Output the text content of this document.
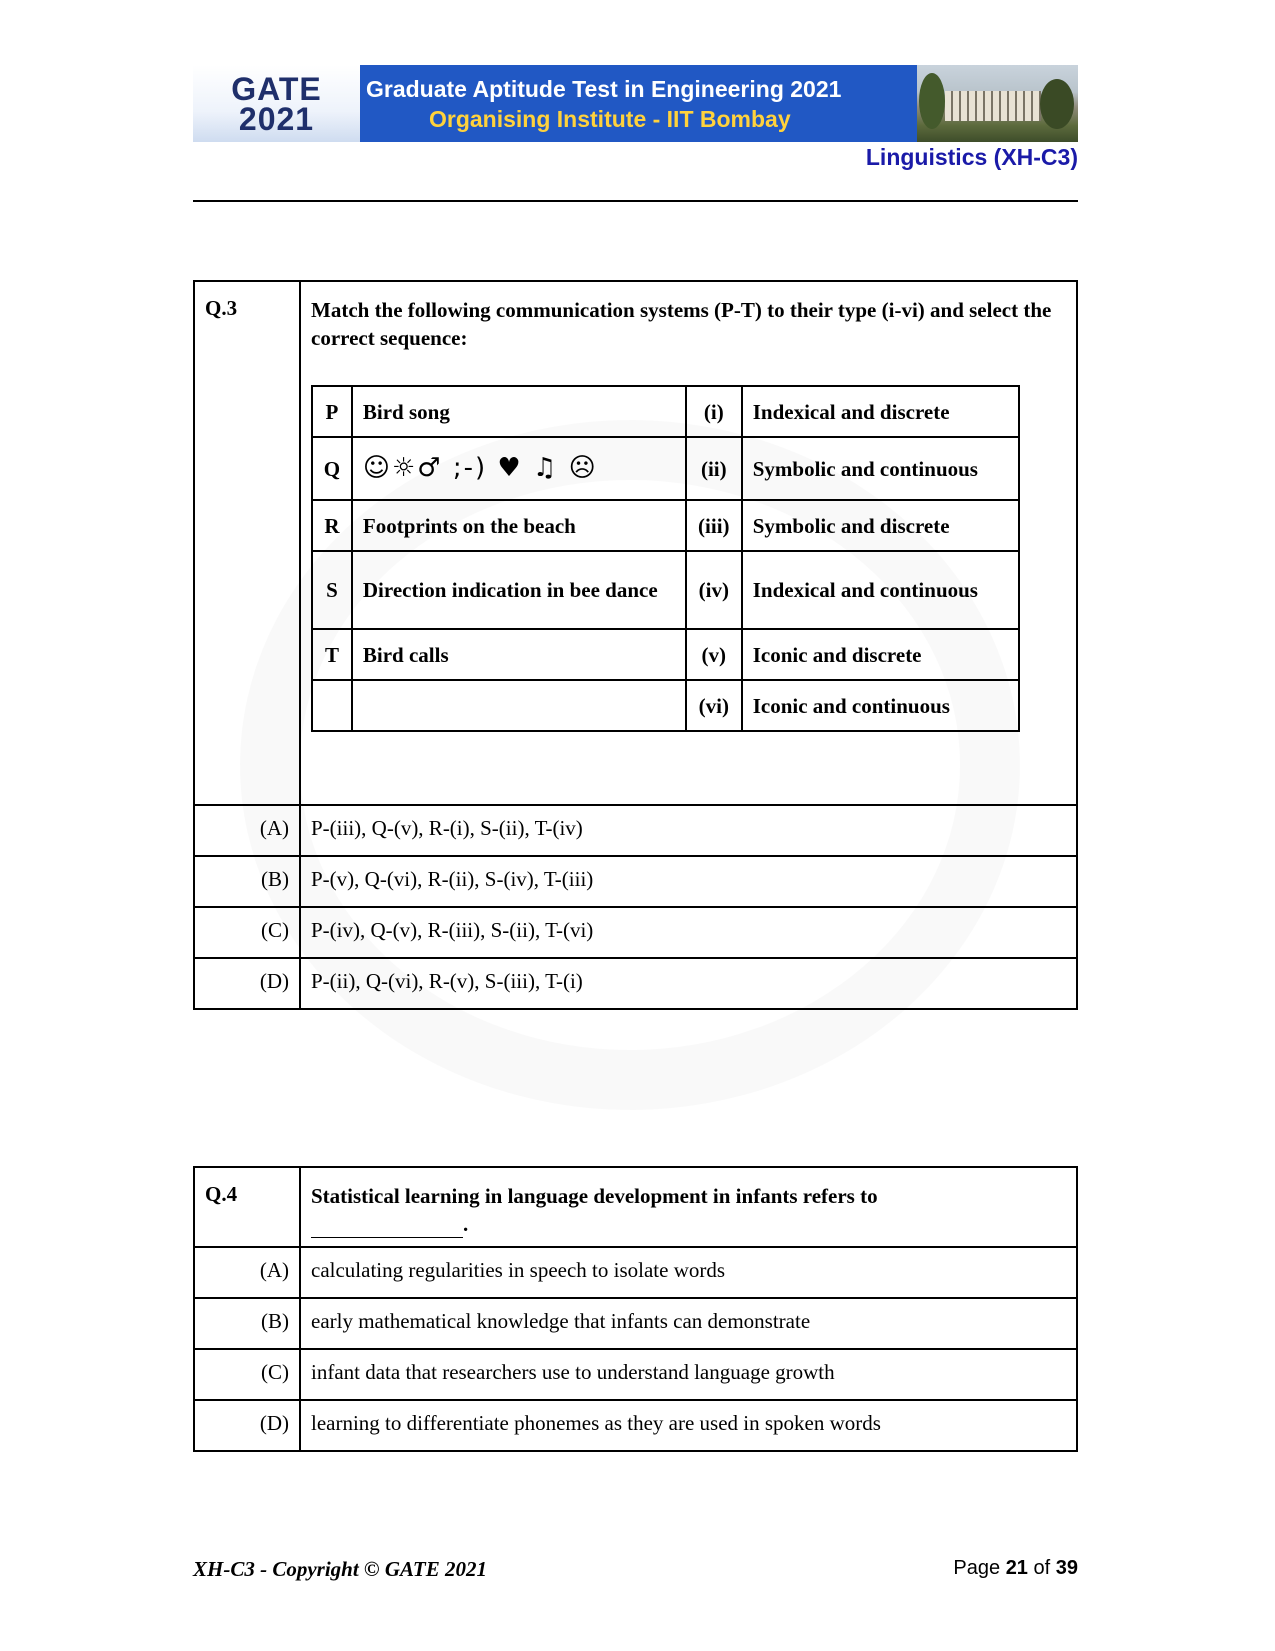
GATE
2021
Graduate Aptitude Test in Engineering 2021
Organising Institute - IIT Bombay
Linguistics (XH-C3)
Q.3	Match the following communication systems (P-T) to their type (i-vi) and select the correct sequence:
P	Bird song	(i)	Indexical and discrete
Q	☺☼♂ ;-) ♥ ♫ ☹	(ii)	Symbolic and continuous
R	Footprints on the beach	(iii)	Symbolic and discrete
S	Direction indication in bee dance	(iv)	Indexical and continuous
T	Bird calls	(v)	Iconic and discrete
		(vi)	Iconic and continuous

(A)	P-(iii), Q-(v), R-(i), S-(ii), T-(iv)
(B)	P-(v), Q-(vi), R-(ii), S-(iv), T-(iii)
(C)	P-(iv), Q-(v), R-(iii), S-(ii), T-(vi)
(D)	P-(ii), Q-(vi), R-(v), S-(iii), T-(i)
Q.4	Statistical learning in language development in infants refers to
.

(A)	calculating regularities in speech to isolate words
(B)	early mathematical knowledge that infants can demonstrate
(C)	infant data that researchers use to understand language growth
(D)	learning to differentiate phonemes as they are used in spoken words
XH-C3 - Copyright © GATE 2021	Page 21 of 39
